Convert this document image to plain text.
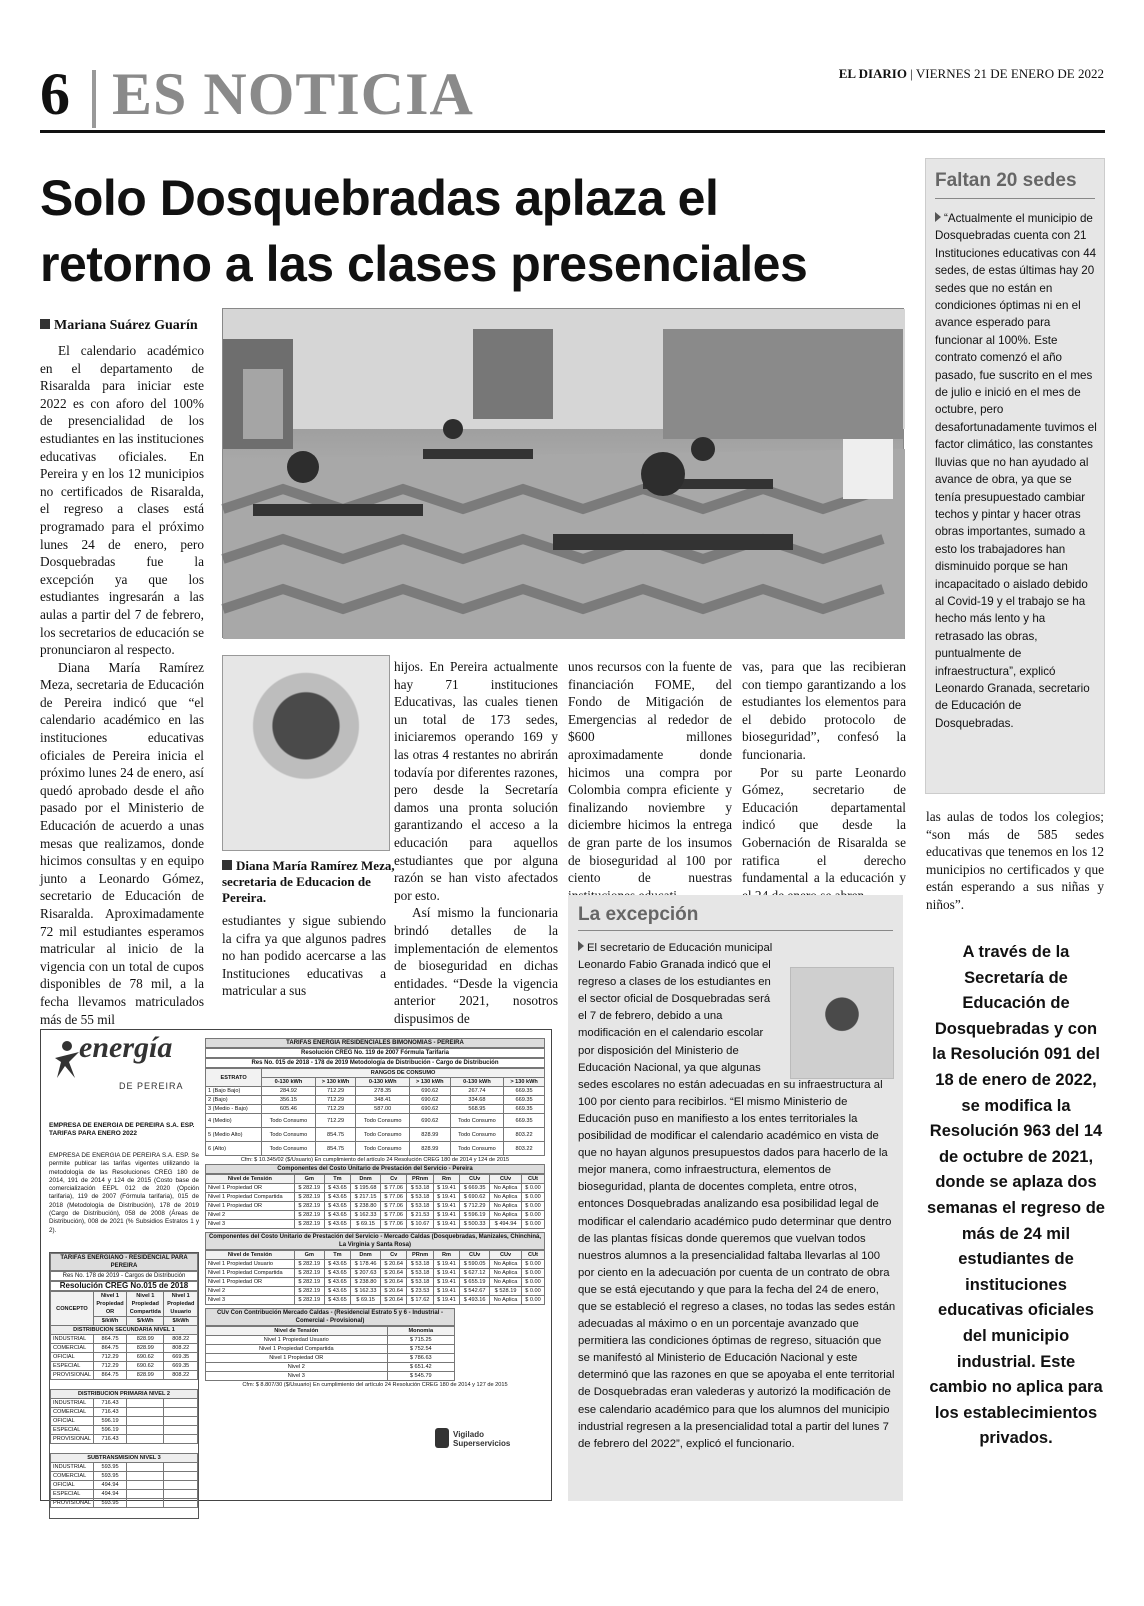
6 ES NOTICIA	EL DIARIO | VIERNES 21 DE ENERO DE 2022
Solo Dosquebradas aplaza el
retorno a las clases presenciales
Mariana Suárez Guarín

El calendario académico en el departamento de Risaralda para iniciar este 2022 es con aforo del 100% de presencialidad de los estudiantes en las instituciones educativas oficiales. En Pereira y en los 12 municipios no certificados de Risaralda, el regreso a clases está programado para el próximo lunes 24 de enero, pero Dosquebradas fue la excepción ya que los estudiantes ingresarán a las aulas a partir del 7 de febrero, los secretarios de educación se pronunciaron al respecto.

Diana María Ramírez Meza, secretaria de Educación de Pereira indicó que “el calendario académico en las instituciones educativas oficiales de Pereira inicia el próximo lunes 24 de enero, así quedó aprobado desde el año pasado por el Ministerio de Educación de acuerdo a unas mesas que realizamos, donde hicimos consultas y en equipo junto a Leonardo Gómez, secretario de Educación de Risaralda. Aproximadamente 72 mil estudiantes esperamos matricular al inicio de la vigencia con un total de cupos disponibles de 78 mil, a la fecha llevamos matriculados más de 55 mil

Diana María Ramírez Meza, secretaria de Educacion de Pereira.

estudiantes y sigue subiendo la cifra ya que algunos padres no han podido acercarse a las Instituciones educativas a matricular a sus

hijos. En Pereira actualmente hay 71 instituciones Educativas, las cuales tienen un total de 173 sedes, iniciaremos operando 169 y las otras 4 restantes no abrirán todavía por diferentes razones, pero desde la Secretaría damos una pronta solución garantizando el acceso a la educación para aquellos estudiantes que por alguna razón se han visto afectados por esto.

Así mismo la funcionaria brindó detalles de la implementación de elementos de bioseguridad en dichas entidades. “Desde la vigencia anterior 2021, nosotros dispusimos de

unos recursos con la fuente de financiación FOME, del Fondo de Mitigación de Emergencias al rededor de $600 millones aproximadamente donde hicimos una compra por Colombia compra eficiente y finalizando noviembre y diciembre hicimos la entrega de gran parte de los insumos de bioseguridad al 100 por ciento de nuestras

vas, para que las recibieran con tiempo garantizando a los estudiantes los elementos para el debido protocolo de bioseguridad”, confesó la funcionaria.

Por su parte Leonardo Gómez, secretario de Educación departamental indicó que desde la Gobernación de Risaralda se ratifica el derecho fundamental a la educación y

Faltan 20 sedes
“Actualmente el municipio de Dosquebradas cuenta con 21 Instituciones educativas con 44 sedes, de estas últimas hay 20 sedes que no están en condiciones óptimas ni en el avance esperado para funcionar al 100%. Este contrato comenzó el año pasado, fue suscrito en el mes de julio e inició en el mes de octubre, pero desafortunadamente tuvimos el factor climático, las constantes lluvias que no han ayudado al avance de obra, ya que se tenía presupuestado cambiar techos y pintar y hacer otras obras importantes, sumado a esto los trabajadores han disminuido porque se han incapacitado o aislado debido al Covid-19 y el trabajo se ha hecho más lento y ha retrasado las obras, puntualmente de infraestructura”, explicó Leonardo Granada, secretario de Educación de Dosquebradas.

las aulas de todos los colegios; “son más de 585 sedes educativas que tenemos en los 12 municipios no certificados y que están esperando a sus niñas y niños”.

La excepción
El secretario de Educación municipal Leonardo Fabio Granada indicó que el regreso a clases de los estudiantes en el sector oficial de Dosquebradas será el 7 de febrero, debido a una modificación en el calendario escolar por disposición del Ministerio de Educación Nacional, ya que algunas sedes escolares no están adecuadas en su infraestructura al 100 por ciento para recibirlos. “El mismo Ministerio de Educación puso en manifiesto a los entes territoriales la posibilidad de modificar el calendario académico en vista de que no hayan algunos presupuestos dados para hacerlo de la mejor manera, como infraestructura, elementos de bioseguridad, planta de docentes completa, entre otros, entonces Dosquebradas analizando esa posibilidad legal de modificar el calendario académico pudo determinar que dentro de las plantas físicas donde queremos que vuelvan todos nuestros alumnos a la presencialidad faltaba llevarlas al 100 por ciento en la adecuación por cuenta de un contrato de obra que se está ejecutando y que para la fecha del 24 de enero, que se estableció el regreso a clases, no todas las sedes están adecuadas al máximo o en un porcentaje avanzado que permitiera las condiciones óptimas de regreso, situación que se manifestó al Ministerio de Educación Nacional y este determinó que las razones en que se apoyaba el ente territorial de Dosquebradas eran valederas y autorizó la modificación de ese calendario académico para que los alumnos del municipio industrial regresen a la presencialidad total a partir del lunes 7 de febrero del 2022”, explicó el funcionario.
A través de la Secretaría de Educación de Dosquebradas y con la Resolución 091 del 18 de enero de 2022, se modifica la Resolución 963 del 14 de octubre de 2021, donde se aplaza dos semanas el regreso de más de 24 mil estudiantes de instituciones educativas oficiales del municipio industrial. Este cambio no aplica para los establecimientos privados.
energía
DE PEREIRA
EMPRESA DE ENERGIA DE PEREIRA S.A. ESP.
TARIFAS PARA ENERO 2022
EMPRESA DE ENERGIA DE PEREIRA S.A. ESP. Se permite publicar las tarifas vigentes utilizando la metodología de las Resoluciones CREG 180 de 2014, 191 de 2014 y 124 de 2015 (Costo base de comercialización EEPL 012 de 2020 (Opción tarifaria), 119 de 2007 (Fórmula tarifaria), 015 de 2018 (Metodología de Distribución), 178 de 2019 (Cargo de Distribución), 058 de 2008 (Áreas de Distribución), 008 de 2021 (% Subsidios Estratos 1 y 2).
TARIFAS ENERGIANO - RESIDENCIAL PARA PEREIRA
Res No. 178 de 2019 - Cargos de Distribución
Resolución CREG No.015 de 2018
CONCEPTO	Nivel 1 Propiedad OR	Nivel 1 Propiedad Compartida	Nivel 1 Propiedad Usuario
	$/kWh	$/kWh	$/kWh
DISTRIBUCION SECUNDARIA NIVEL 1			
INDUSTRIAL	864.75	828.99	808.22
COMERCIAL	864.75	828.99	808.22
OFICIAL	712.29	690.62	669.35
ESPECIAL	712.29	690.62	669.35
PROVISIONAL	864.75	828.99	808.22

DISTRIBUCION PRIMARIA NIVEL 2			
INDUSTRIAL	716.43		
COMERCIAL	716.43		
OFICIAL	596.19		
ESPECIAL	596.19		
PROVISIONAL	716.43		

SUBTRANSMISION NIVEL 3			
INDUSTRIAL	593.95		
COMERCIAL	593.95		
OFICIAL	494.94		
ESPECIAL	494.94		
PROVISIONAL	593.95		

TARIFAS ENERGIA RESIDENCIALES BIMONOMIAS - PEREIRA
Resolución CREG No. 119 de 2007 Fórmula Tarifaria
Res No. 015 de 2018 - 178 de 2019 Metodología de Distribución - Cargo de Distribución
ESTRATO	RANGOS DE CONSUMO					
	0-130 kWh	> 130 kWh	0-130 kWh	> 130 kWh	0-130 kWh	> 130 kWh
1 (Bajo Bajo)	284.92	712.29	278.35	690.62	267.74	669.35
2 (Bajo)	356.15	712.29	348.41	690.62	334.68	669.35
3 (Medio - Bajo)	605.46	712.29	587.00	690.62	568.95	669.35
4 (Medio)	Todo Consumo	712.29	Todo Consumo	690.62	Todo Consumo	669.35
5 (Medio Alto)	Todo Consumo	854.75	Todo Consumo	828.99	Todo Consumo	803.22
6 (Alto)	Todo Consumo	854.75	Todo Consumo	828.99	Todo Consumo	803.22
Cfm: $ 10.345/02 ($/Usuario) En cumplimiento del artículo 24 Resolución CREG 180 de 2014 y 124 de 2015
Componentes del Costo Unitario de Prestación del Servicio - Pereira
Nivel de Tensión	Gm	Tm	Dnm	Cv	PRnm	Rm	CUv	CUv	CUt
Nivel 1 Propiedad OR	$ 282.19	$ 43.65	$ 195.68	$ 77.06	$ 53.18	$ 19.41	$ 669.35	No Aplica	$ 0.00
Nivel 1 Propiedad Compartida	$ 282.19	$ 43.65	$ 217.15	$ 77.06	$ 53.18	$ 19.41	$ 690.62	No Aplica	$ 0.00
Nivel 1 Propiedad OR	$ 282.19	$ 43.65	$ 238.80	$ 77.06	$ 53.18	$ 19.41	$ 712.29	No Aplica	$ 0.00
Nivel 2	$ 282.19	$ 43.65	$ 162.33	$ 77.06	$ 21.53	$ 19.41	$ 596.19	No Aplica	$ 0.00
Nivel 3	$ 282.19	$ 43.65	$ 69.15	$ 77.06	$ 10.67	$ 19.41	$ 500.33	$ 494.94	$ 0.00
Componentes del Costo Unitario de Prestación del Servicio - Mercado Caldas (Dosquebradas, Manizales, Chinchiná, La Virginia y Santa Rosa)
Nivel de Tensión	Gm	Tm	Dnm	Cv	PRnm	Rm	CUv	CUv	CUt
Nivel 1 Propiedad Usuario	$ 282.19	$ 43.65	$ 178.46	$ 20.64	$ 53.18	$ 19.41	$ 590.05	No Aplica	$ 0.00
Nivel 1 Propiedad Compartida	$ 282.19	$ 43.65	$ 207.63	$ 20.64	$ 53.18	$ 19.41	$ 627.12	No Aplica	$ 0.00
Nivel 1 Propiedad OR	$ 282.19	$ 43.65	$ 238.80	$ 20.64	$ 53.18	$ 19.41	$ 655.19	No Aplica	$ 0.00
Nivel 2	$ 282.19	$ 43.65	$ 162.33	$ 20.64	$ 23.53	$ 19.41	$ 542.67	$ 528.19	$ 0.00
Nivel 3	$ 282.19	$ 43.65	$ 69.15	$ 20.64	$ 17.62	$ 19.41	$ 493.16	No Aplica	$ 0.00
CUv Con Contribución Mercado Caldas - (Residencial Estrato 5 y 6 - Industrial - Comercial - Provisional)
Nivel de Tensión	Monomia
Nivel 1 Propiedad Usuario	$ 715.25
Nivel 1 Propiedad Compartida	$ 752.54
Nivel 1 Propiedad OR	$ 786.63
Nivel 2	$ 651.42
Nivel 3	$ 545.79
Cfm: $ 8.807/30 ($/Usuario) En cumplimiento del artículo 24 Resolución CREG 180 de 2014 y 127 de 2015
Vigilado Superservicios
